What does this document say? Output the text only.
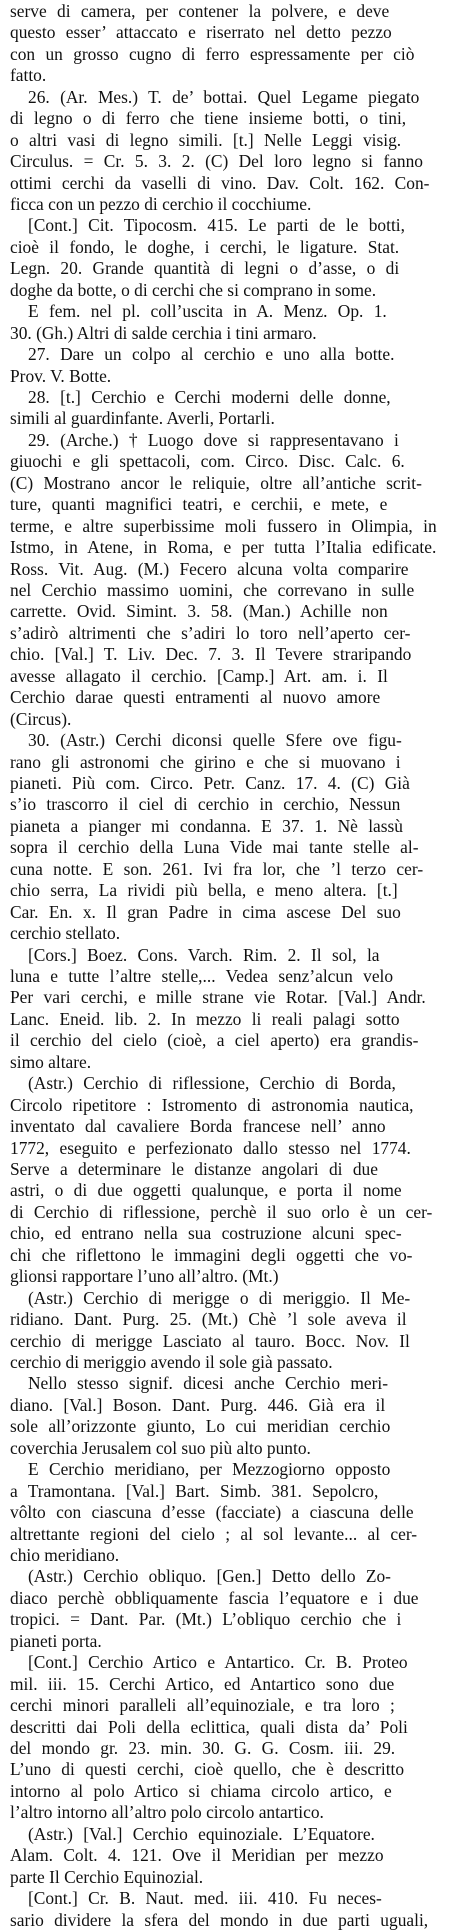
serve di camera, per contener la polvere, e deve
questo esser’ attaccato e riserrato nel detto pezzo
con un grosso cugno di ferro espressamente per ciò
fatto.
26. (Ar. Mes.) T. de’ bottai. Quel Legame piegato
di legno o di ferro che tiene insieme botti, o tini,
o altri vasi di legno simili. [t.] Nelle Leggi visig.
Circulus. = Cr. 5. 3. 2. (C) Del loro legno si fanno
ottimi cerchi da vaselli di vino. Dav. Colt. 162. Con-
ficca con un pezzo di cerchio il cocchiume.
[Cont.] Cit. Tipocosm. 415. Le parti de le botti,
cioè il fondo, le doghe, i cerchi, le ligature. Stat.
Legn. 20. Grande quantità di legni o d’asse, o di
doghe da botte, o di cerchi che si comprano in some.
E fem. nel pl. coll’uscita in A. Menz. Op. 1.
30. (Gh.) Altri di salde cerchia i tini armaro.
27. Dare un colpo al cerchio e uno alla botte.
Prov. V. Botte.
28. [t.] Cerchio e Cerchi moderni delle donne,
simili al guardinfante. Averli, Portarli.
29. (Arche.) † Luogo dove si rappresentavano i
giuochi e gli spettacoli, com. Circo. Disc. Calc. 6.
(C) Mostrano ancor le reliquie, oltre all’antiche scrit-
ture, quanti magnifici teatri, e cerchii, e mete, e
terme, e altre superbissime moli fussero in Olimpia, in
Istmo, in Atene, in Roma, e per tutta l’Italia edificate.
Ross. Vit. Aug. (M.) Fecero alcuna volta comparire
nel Cerchio massimo uomini, che correvano in sulle
carrette. Ovid. Simint. 3. 58. (Man.) Achille non
s’adirò altrimenti che s’adiri lo toro nell’aperto cer-
chio. [Val.] T. Liv. Dec. 7. 3. Il Tevere straripando
avesse allagato il cerchio. [Camp.] Art. am. i. Il
Cerchio darae questi entramenti al nuovo amore
(Circus).
30. (Astr.) Cerchi diconsi quelle Sfere ove figu-
rano gli astronomi che girino e che si muovano i
pianeti. Più com. Circo. Petr. Canz. 17. 4. (C) Già
s’io trascorro il ciel di cerchio in cerchio, Nessun
pianeta a pianger mi condanna. E 37. 1. Nè lassù
sopra il cerchio della Luna Vide mai tante stelle al-
cuna notte. E son. 261. Ivi fra lor, che ’l terzo cer-
chio serra, La rividi più bella, e meno altera. [t.]
Car. En. x. Il gran Padre in cima ascese Del suo
cerchio stellato.
[Cors.] Boez. Cons. Varch. Rim. 2. Il sol, la
luna e tutte l’altre stelle,... Vedea senz’alcun velo
Per vari cerchi, e mille strane vie Rotar. [Val.] Andr.
Lanc. Eneid. lib. 2. In mezzo li reali palagi sotto
il cerchio del cielo (cioè, a ciel aperto) era grandis-
simo altare.
(Astr.) Cerchio di riflessione, Cerchio di Borda,
Circolo ripetitore : Istromento di astronomia nautica,
inventato dal cavaliere Borda francese nell’ anno
1772, eseguito e perfezionato dallo stesso nel 1774.
Serve a determinare le distanze angolari di due
astri, o di due oggetti qualunque, e porta il nome
di Cerchio di riflessione, perchè il suo orlo è un cer-
chio, ed entrano nella sua costruzione alcuni spec-
chi che riflettono le immagini degli oggetti che vo-
glionsi rapportare l’uno all’altro. (Mt.)
(Astr.) Cerchio di merigge o di meriggio. Il Me-
ridiano. Dant. Purg. 25. (Mt.) Chè ’l sole aveva il
cerchio di merigge Lasciato al tauro. Bocc. Nov. Il
cerchio di meriggio avendo il sole già passato.
Nello stesso signif. dicesi anche Cerchio meri-
diano. [Val.] Boson. Dant. Purg. 446. Già era il
sole all’orizzonte giunto, Lo cui meridian cerchio
coverchia Jerusalem col suo più alto punto.
E Cerchio meridiano, per Mezzogiorno opposto
a Tramontana. [Val.] Bart. Simb. 381. Sepolcro,
vôlto con ciascuna d’esse (facciate) a ciascuna delle
altrettante regioni del cielo ; al sol levante... al cer-
chio meridiano.
(Astr.) Cerchio obliquo. [Gen.] Detto dello Zo-
diaco perchè obbliquamente fascia l’equatore e i due
tropici. = Dant. Par. (Mt.) L’obliquo cerchio che i
pianeti porta.
[Cont.] Cerchio Artico e Antartico. Cr. B. Proteo
mil. iii. 15. Cerchi Artico, ed Antartico sono due
cerchi minori paralleli all’equinoziale, e tra loro ;
descritti dai Poli della eclittica, quali dista da’ Poli
del mondo gr. 23. min. 30. G. G. Cosm. iii. 29.
L’uno di questi cerchi, cioè quello, che è descritto
intorno al polo Artico si chiama circolo artico, e
l’altro intorno all’altro polo circolo antartico.
(Astr.) [Val.] Cerchio equinoziale. L’Equatore.
Alam. Colt. 4. 121. Ove il Meridian per mezzo
parte Il Cerchio Equinozial.
[Cont.] Cr. B. Naut. med. iii. 410. Fu neces-
sario dividere la sfera del mondo in due parti uguali,
